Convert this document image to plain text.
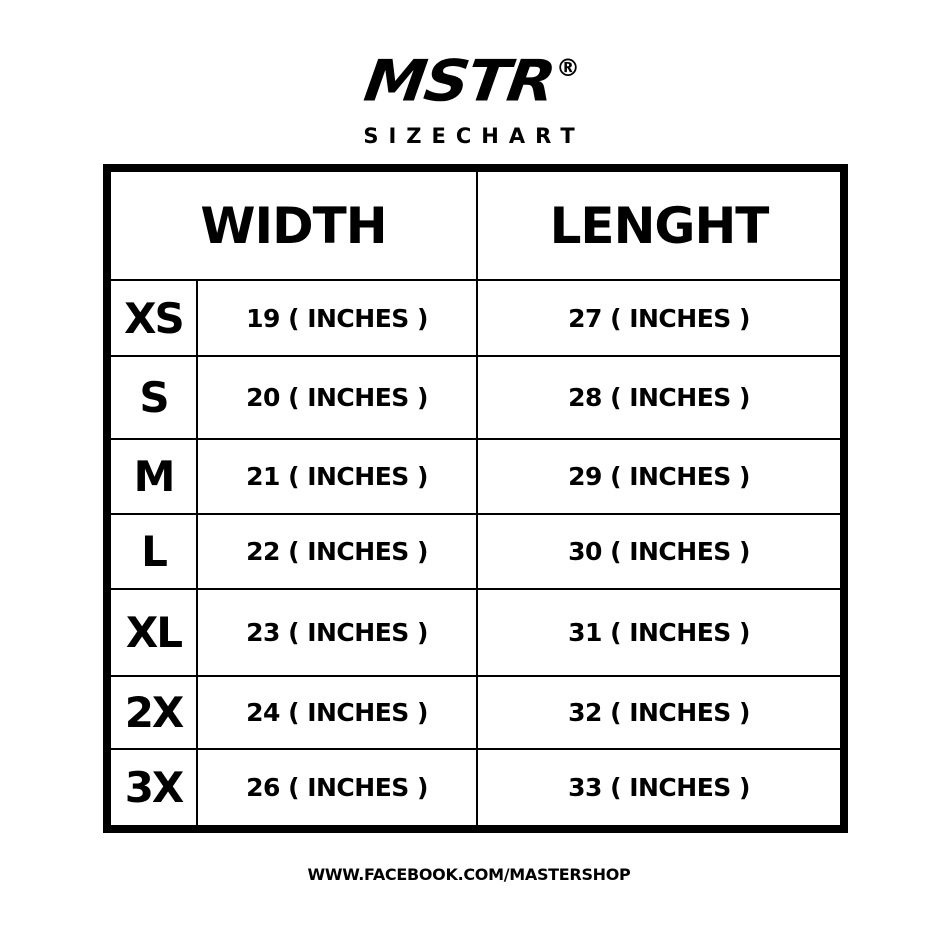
MSTR
®
SIZECHART
WIDTH		LENGHT
XS	19 ( INCHES )	27 ( INCHES )
S	20 ( INCHES )	28 ( INCHES )
M	21 ( INCHES )	29 ( INCHES )
L	22 ( INCHES )	30 ( INCHES )
XL	23 ( INCHES )	31 ( INCHES )
2X	24 ( INCHES )	32 ( INCHES )
3X	26 ( INCHES )	33 ( INCHES )
WWW.FACEBOOK.COM/MASTERSHOP
